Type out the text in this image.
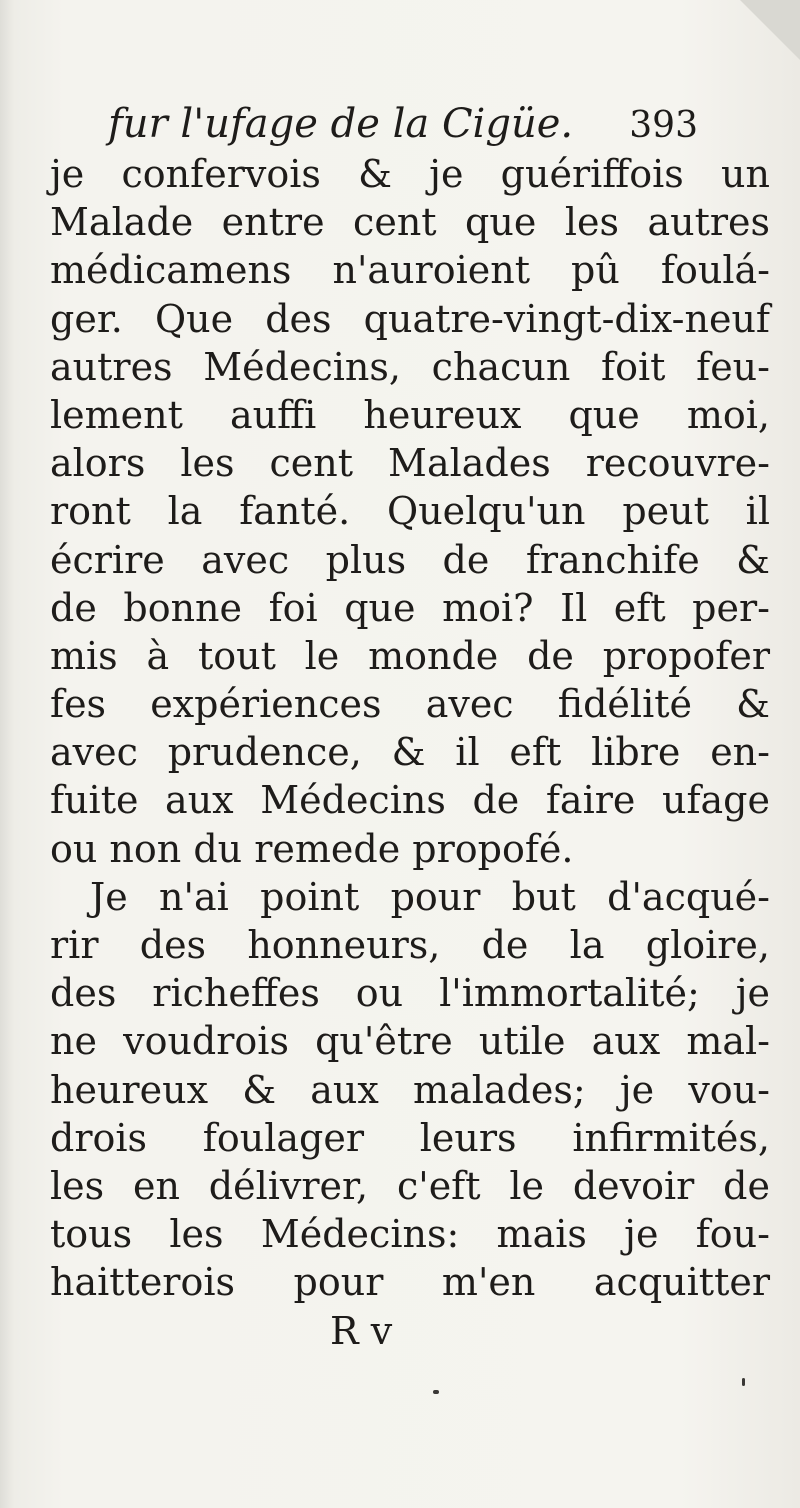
fur l'ufage de la Cigüe. 393
je confervois & je guériffois un
Malade entre cent que les autres
médicamens n'auroient pû foulá-
ger. Que des quatre-vingt-dix-neuf
autres Médecins, chacun foit feu-
lement auffi heureux que moi,
alors les cent Malades recouvre-
ront la fanté. Quelqu'un peut il
écrire avec plus de franchife &
de bonne foi que moi? Il eft per-
mis à tout le monde de propofer
fes expériences avec fidélité &
avec prudence, & il eft libre en-
fuite aux Médecins de faire ufage
ou non du remede propofé.
Je n'ai point pour but d'acqué-
rir des honneurs, de la gloire,
des richeffes ou l'immortalité; je
ne voudrois qu'être utile aux mal-
heureux & aux malades; je vou-
drois foulager leurs infirmités,
les en délivrer, c'eft le devoir de
tous les Médecins: mais je fou-
haitterois pour m'en acquitter
R v
